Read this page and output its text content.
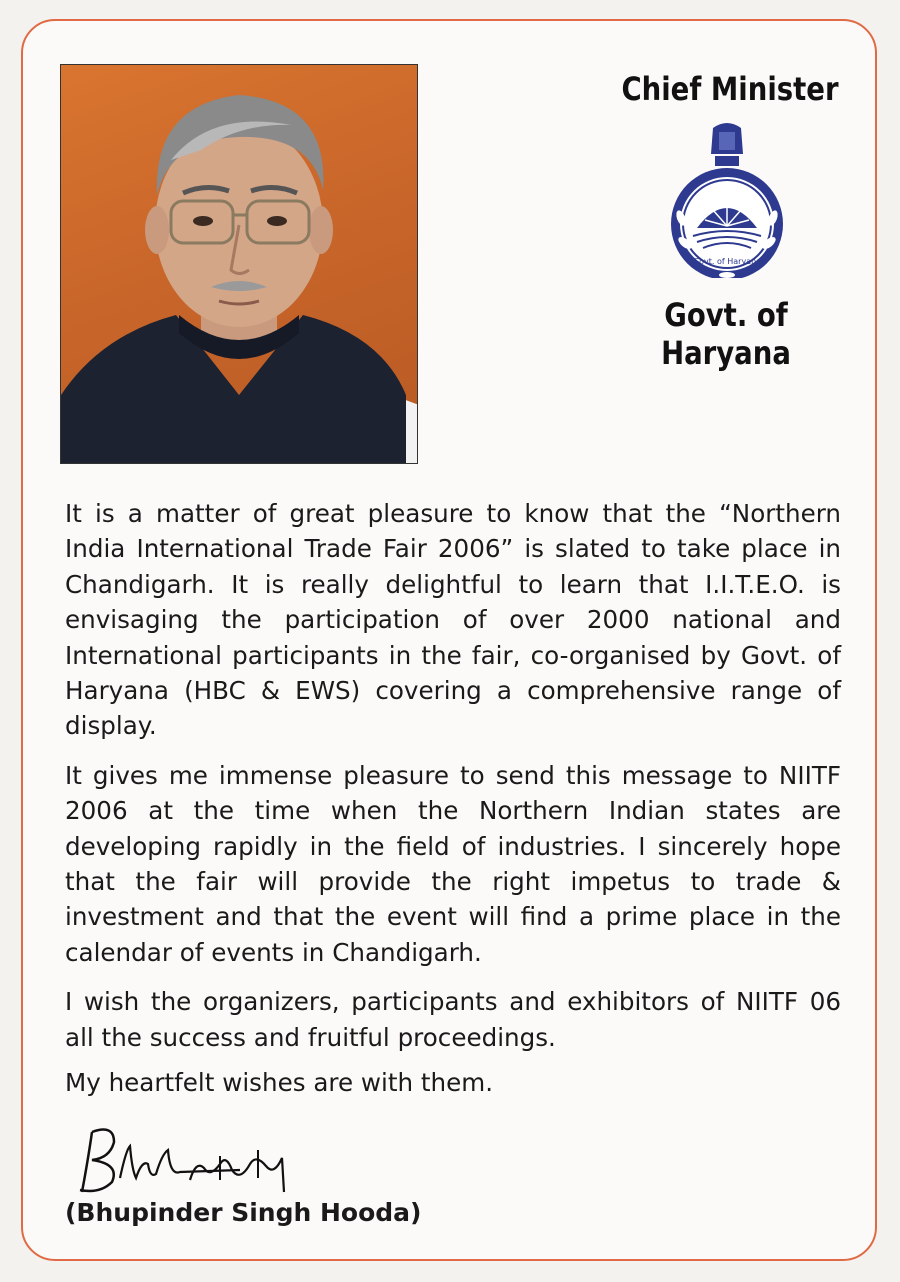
Chief Minister
Govt. of Haryana
Govt. of Haryana

It is a matter of great pleasure to know that the “Northern India International Trade Fair 2006” is slated to take place in Chandigarh. It is really delightful to learn that I.I.T.E.O. is envisaging the participation of over 2000 national and International participants in the fair, co-organised by Govt. of Haryana (HBC & EWS) covering a comprehensive range of display.

It gives me immense pleasure to send this message to NIITF 2006 at the time when the Northern Indian states are developing rapidly in the field of industries. I sincerely hope that the fair will provide the right impetus to trade & investment and that the event will find a prime place in the calendar of events in Chandigarh.

I wish the organizers, participants and exhibitors of NIITF 06 all the success and fruitful proceedings.

My heartfelt wishes are with them.

(Bhupinder Singh Hooda)
